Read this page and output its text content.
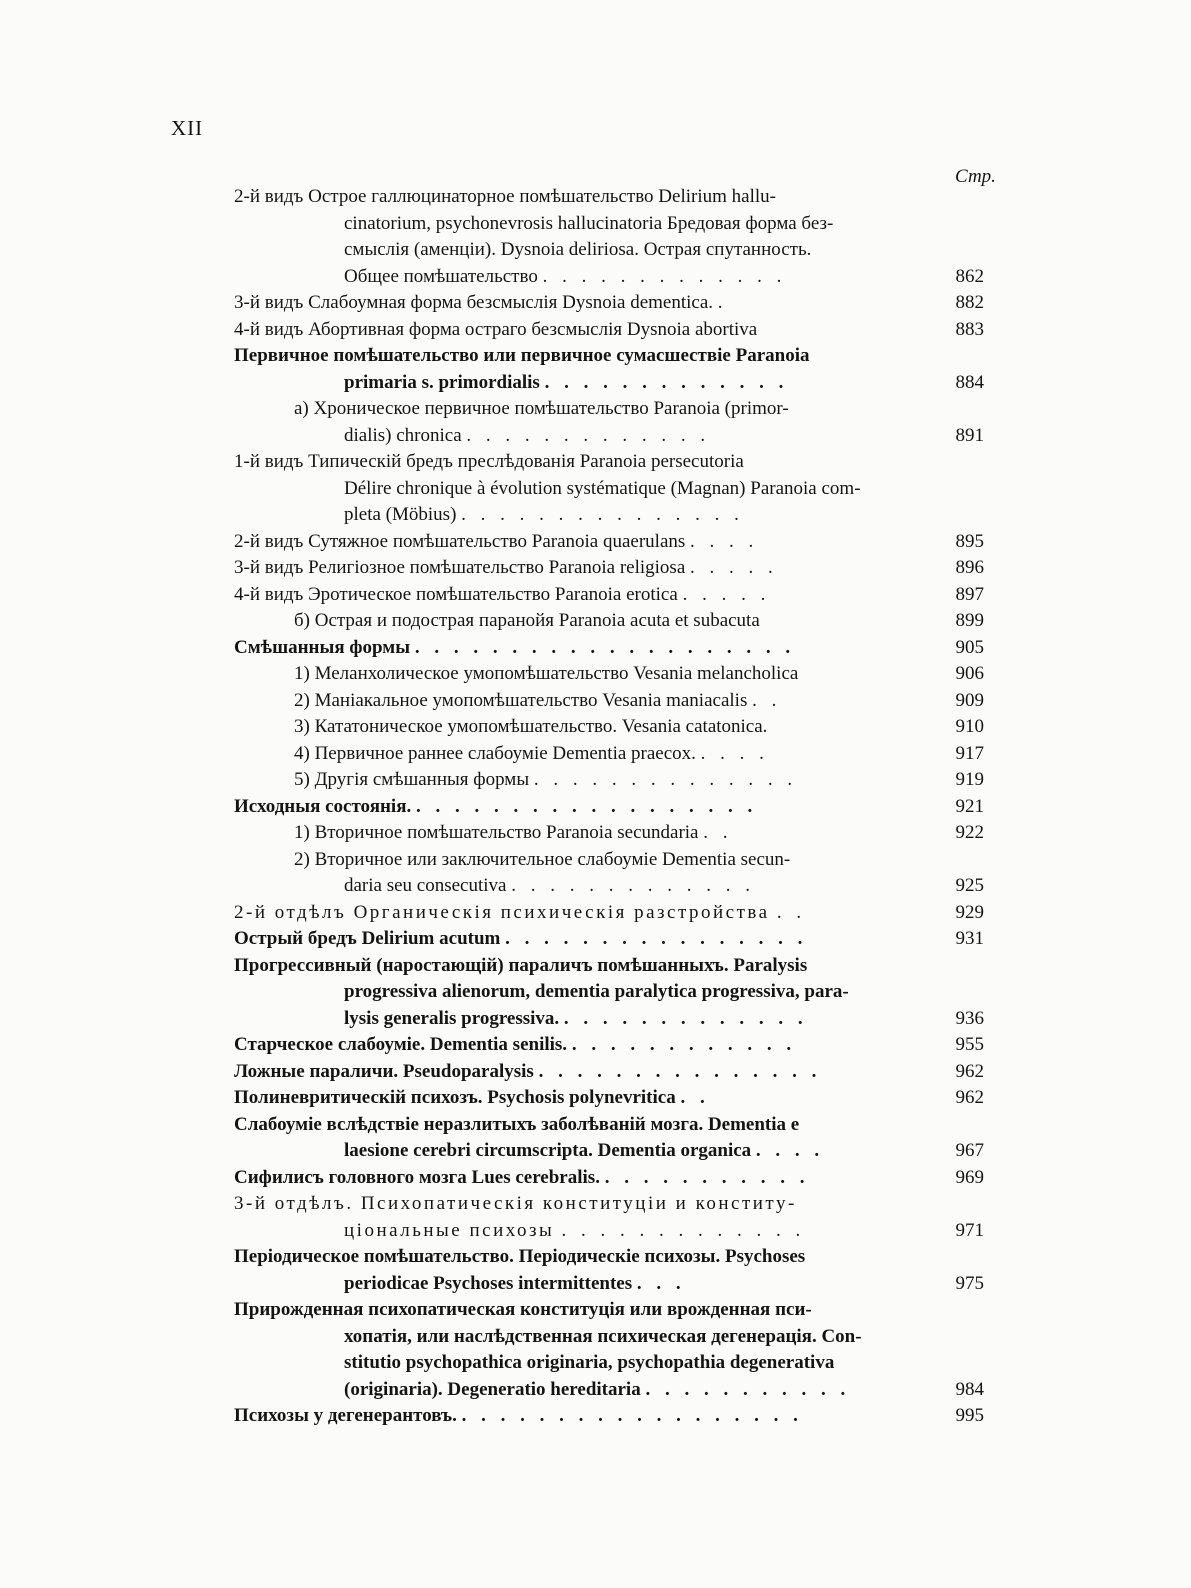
XII
Стр.
2-й видъ Острое галлюцинаторное помѣшательство Delirium hallu-
cinatorium, psychonevrosis hallucinatoria Бредовая форма без-
смыслія (аменціи). Dysnoia deliriosa. Острая спутанность.
Общее помѣшательство . . . . . . . . . . . . .	862
3-й видъ Слабоумная форма безсмыслія Dysnoia dementica. .	882
4-й видъ Абортивная форма остраго безсмыслія Dysnoia abortiva	883
Первичное помѣшательство или первичное сумасшествіе Paranoia
primaria s. primordialis . . . . . . . . . . . . .	884
а) Хроническое первичное помѣшательство Paranoia (primor-
dialis) chronica . . . . . . . . . . . . .	891
1-й видъ Типическій бредъ преслѣдованія Paranoia persecutoria
Délire chronique à évolution systématique (Magnan) Paranoia com-
pleta (Möbius) . . . . . . . . . . . . . . .
2-й видъ Сутяжное помѣшательство Paranoia quaerulans . . . .	895
3-й видъ Религіозное помѣшательство Paranoia religiosa . . . . .	896
4-й видъ Эротическое помѣшательство Paranoia erotica . . . . .	897
б) Острая и подострая паранойя Paranoia acuta et subacuta	899
Смѣшанныя формы . . . . . . . . . . . . . . . . . . . .	905
1) Меланхолическое умопомѣшательство Vesania melancholica	906
2) Маніакальное умопомѣшательство Vesania maniacalis . .	909
3) Кататоническое умопомѣшательство. Vesania catatonica.	910
4) Первичное раннее слабоуміе Dementia praecox. . . . .	917
5) Другія смѣшанныя формы . . . . . . . . . . . . . .	919
Исходныя состоянія. . . . . . . . . . . . . . . . . . .	921
1) Вторичное помѣшательство Paranoia secundaria . .	922
2) Вторичное или заключительное слабоуміе Dementia secun-
daria seu consecutiva . . . . . . . . . . . . .	925
2-й отдѣлъ Органическія психическія разстройства . .	929
Острый бредъ Delirium acutum . . . . . . . . . . . . . . . .	931
Прогрессивный (наростающій) параличъ помѣшанныхъ. Paralysis
progressiva alienorum, dementia paralytica progressiva, para-
lysis generalis progressiva. . . . . . . . . . . . . .	936
Старческое слабоуміе. Dementia senilis. . . . . . . . . . . . .	955
Ложные параличи. Pseudoparalysis . . . . . . . . . . . . . . .	962
Полиневритическій психозъ. Psychosis polynevritica . .	962
Слабоуміе вслѣдствіе неразлитыхъ заболѣваній мозга. Dementia e
laesione cerebri circumscripta. Dementia organica . . . .	967
Сифилисъ головного мозга Lues cerebralis. . . . . . . . . . . .	969
3-й отдѣлъ. Психопатическія конституціи и конститу-
ціональные психозы . . . . . . . . . . . . .	971
Періодическое помѣшательство. Періодическіе психозы. Psychoses
periodicae Psychoses intermittentes . . .	975
Прирожденная психопатическая конституція или врожденная пси-
хопатія, или наслѣдственная психическая дегенерація. Con-
stitutio psychopathica originaria, psychopathia degenerativa
(originaria). Degeneratio hereditaria . . . . . . . . . . .	984
Психозы у дегенерантовъ. . . . . . . . . . . . . . . . . . .	995
